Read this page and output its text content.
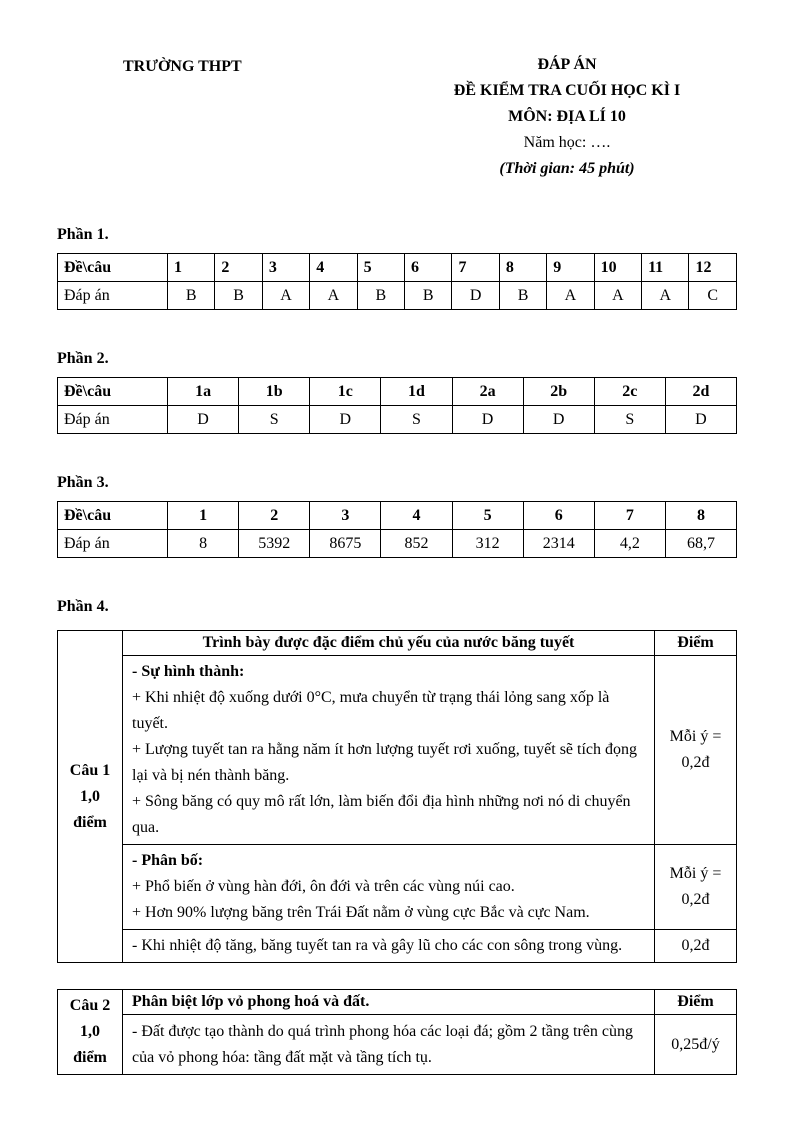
TRƯỜNG THPT	ĐÁP ÁN
ĐỀ KIỂM TRA CUỐI HỌC KÌ I
MÔN: ĐỊA LÍ 10
Năm học: ….
(Thời gian: 45 phút)
Phần 1.
Đề\câu	1	2	3	4	5	6	7	8	9	10	11	12
Đáp án	B	B	A	A	B	B	D	B	A	A	A	C
Phần 2.
Đề\câu	1a	1b	1c	1d	2a	2b	2c	2d
Đáp án	D	S	D	S	D	D	S	D
Phần 3.
Đề\câu	1	2	3	4	5	6	7	8
Đáp án	8	5392	8675	852	312	2314	4,2	68,7
Phần 4.
Câu 1
1,0
điểm	Trình bày được đặc điểm chủ yếu của nước băng tuyết	Điểm

	- Sự hình thành:
+ Khi nhiệt độ xuống dưới 0°C, mưa chuyển từ trạng thái lỏng sang xốp là tuyết.
+ Lượng tuyết tan ra hằng năm ít hơn lượng tuyết rơi xuống, tuyết sẽ tích đọng lại và bị nén thành băng.
+ Sông băng có quy mô rất lớn, làm biến đổi địa hình những nơi nó di chuyển qua.	Mỗi ý = 0,2đ

	- Phân bố:
+ Phổ biến ở vùng hàn đới, ôn đới và trên các vùng núi cao.
+ Hơn 90% lượng băng trên Trái Đất nằm ở vùng cực Bắc và cực Nam.	Mỗi ý = 0,2đ

	- Khi nhiệt độ tăng, băng tuyết tan ra và gây lũ cho các con sông trong vùng.	0,2đ
Câu 2
1,0
điểm	Phân biệt lớp vỏ phong hoá và đất.	Điểm

	- Đất được tạo thành do quá trình phong hóa các loại đá; gồm 2 tầng trên cùng của vỏ phong hóa: tầng đất mặt và tầng tích tụ.	0,25đ/ý
